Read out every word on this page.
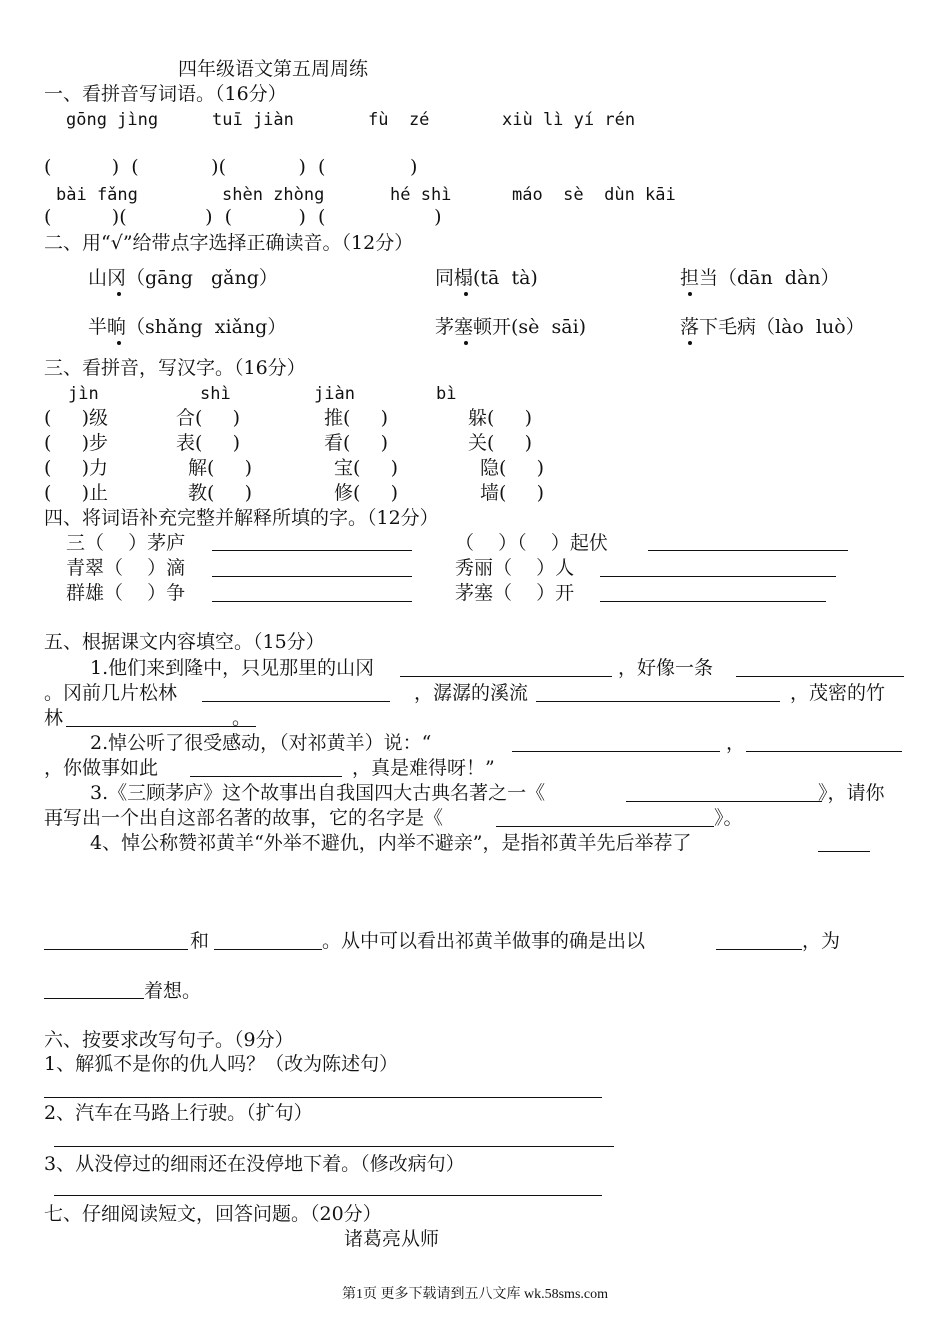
四年级语文第五周周练
一、看拼音写词语。（16分）
gōng jìng	tuī jiàn	fù  zé	xiù lì yí rén
(          )  (            )(            )  (              )
bài fǎng	shèn zhòng	hé shì	máo  sè  dùn kāi
(          )(             )  (           )  (                  )
二、用“√”给带点字选择正确读音。（12分）
山冈（gāng   gǎng）	同榻(tā  tà)	担当（dān  dàn）
半晌（shǎng  xiǎng）	茅塞顿开(sè  sāi)	落下毛病（lào  luò）
三、看拼音，写汉字。（16分）
jìn	shì	jiàn	bì
(     )级	合(     )	推(     )	躲(     )
(     )步	表(     )	看(     )	关(     )
(     )力	解(     )	宝(     )	隐(     )
(     )止	教(     )	修(     )	墙(     )
四、将词语补充完整并解释所填的字。（12分）
三（    ）茅庐	（    ）（    ）起伏
青翠（    ）滴	秀丽（    ）人
群雄（    ）争	茅塞（    ）开
五、根据课文内容填空。（15分）
1.他们来到隆中，只见那里的山冈	，好像一条
。冈前几片松林	，潺潺的溪流	，茂密的竹
林	。
2.悼公听了很受感动，（对祁黄羊）说：“	，
，你做事如此	，真是难得呀！”
3.《三顾茅庐》这个故事出自我国四大古典名著之一《	》，请你
再写出一个出自这部名著的故事，它的名字是《	》。
4、悼公称赞祁黄羊“外举不避仇，内举不避亲”，是指祁黄羊先后举荐了
和	。从中可以看出祁黄羊做事的确是出以	，为
着想。
六、按要求改写句子。（9分）
1、解狐不是你的仇人吗？（改为陈述句）
2、汽车在马路上行驶。（扩句）
3、从没停过的细雨还在没停地下着。（修改病句）
七、仔细阅读短文，回答问题。（20分）
诸葛亮从师
第1页 更多下载请到五八文库 wk.58sms.com
